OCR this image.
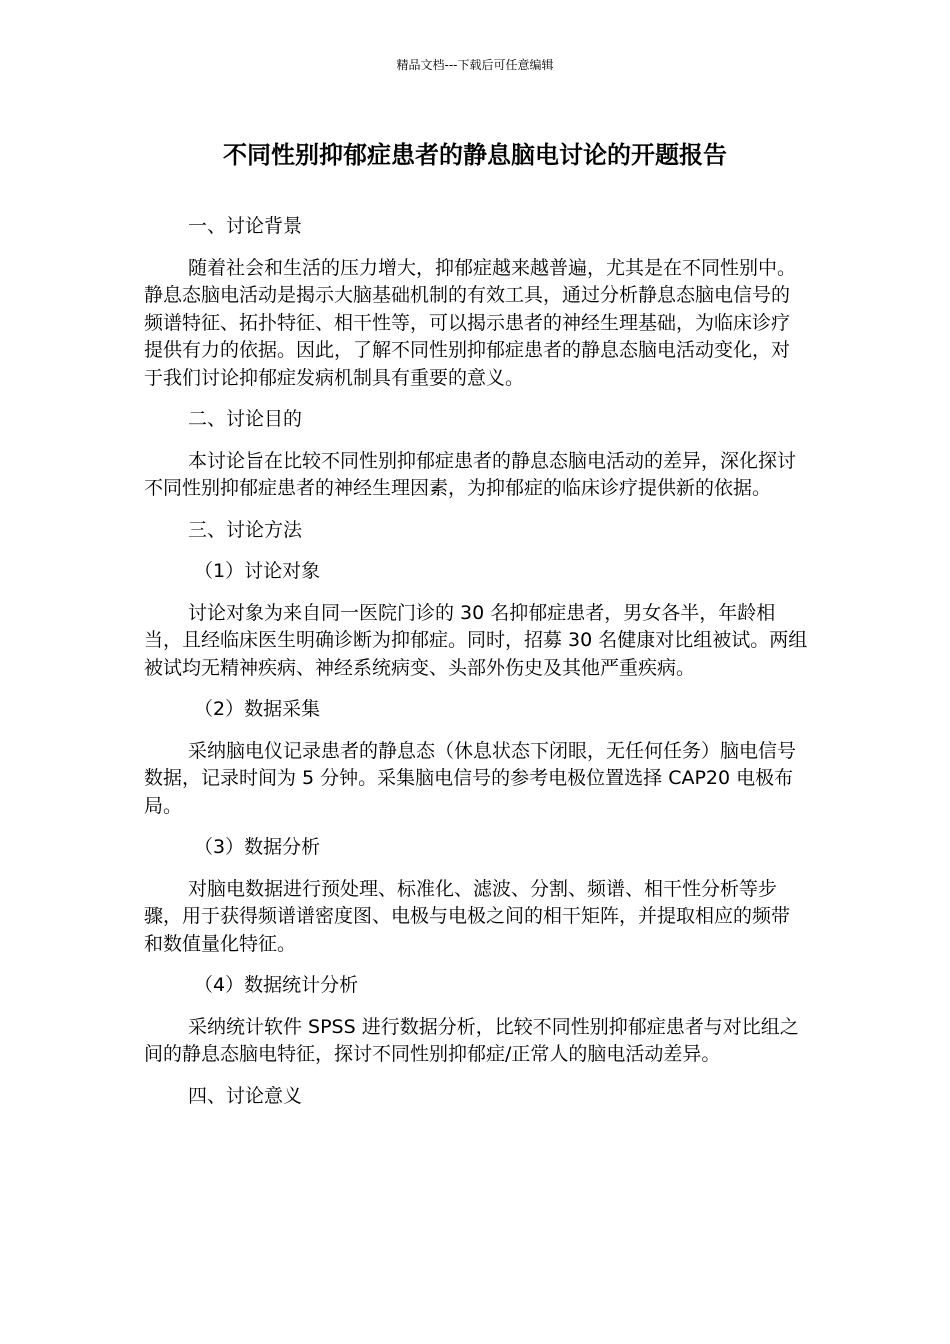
精品文档---下载后可任意编辑
不同性别抑郁症患者的静息脑电讨论的开题报告

一、讨论背景

随着社会和生活的压力增大，抑郁症越来越普遍，尤其是在不同性别中。静息态脑电活动是揭示大脑基础机制的有效工具，通过分析静息态脑电信号的频谱特征、拓扑特征、相干性等，可以揭示患者的神经生理基础，为临床诊疗提供有力的依据。因此，了解不同性别抑郁症患者的静息态脑电活动变化，对于我们讨论抑郁症发病机制具有重要的意义。

二、讨论目的

本讨论旨在比较不同性别抑郁症患者的静息态脑电活动的差异，深化探讨不同性别抑郁症患者的神经生理因素，为抑郁症的临床诊疗提供新的依据。

三、讨论方法

（1）讨论对象

讨论对象为来自同一医院门诊的 30 名抑郁症患者，男女各半，年龄相当，且经临床医生明确诊断为抑郁症。同时，招募 30 名健康对比组被试。两组被试均无精神疾病、神经系统病变、头部外伤史及其他严重疾病。

（2）数据采集

采纳脑电仪记录患者的静息态（休息状态下闭眼，无任何任务）脑电信号数据，记录时间为 5 分钟。采集脑电信号的参考电极位置选择 CAP20 电极布局。

（3）数据分析

对脑电数据进行预处理、标准化、滤波、分割、频谱、相干性分析等步骤，用于获得频谱谱密度图、电极与电极之间的相干矩阵，并提取相应的频带和数值量化特征。

（4）数据统计分析

采纳统计软件 SPSS 进行数据分析，比较不同性别抑郁症患者与对比组之间的静息态脑电特征，探讨不同性别抑郁症/正常人的脑电活动差异。

四、讨论意义
